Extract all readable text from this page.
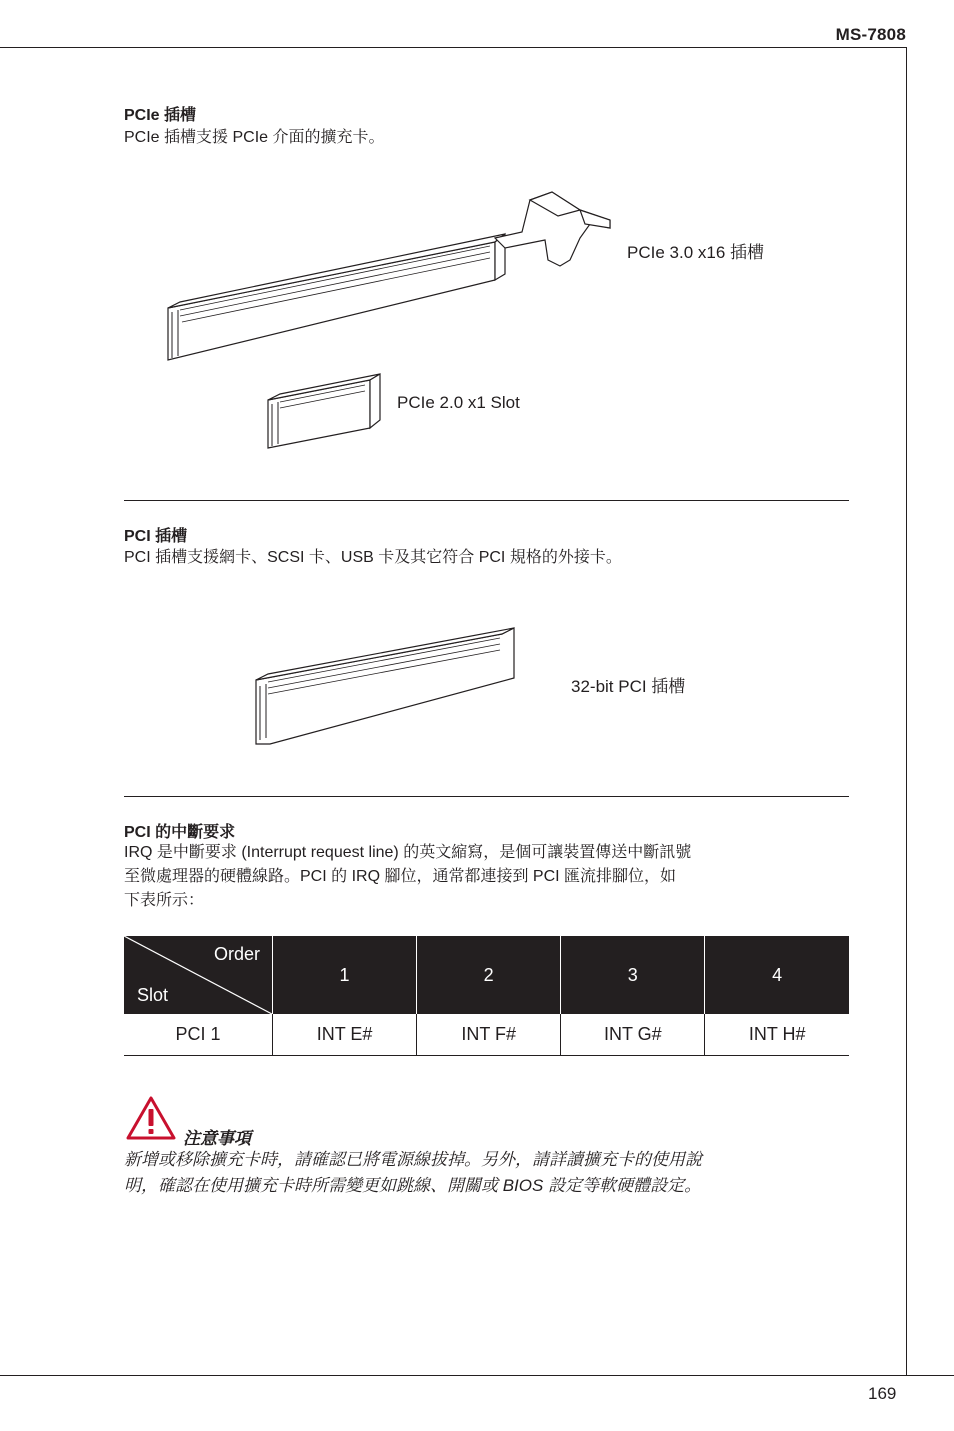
MS-7808
169
PCIe 插槽
PCIe 插槽支援 PCIe 介面的擴充卡。
PCIe 3.0 x16 插槽
PCIe 2.0 x1 Slot
PCI 插槽
PCI 插槽支援網卡、SCSI 卡、USB 卡及其它符合 PCI 規格的外接卡。
32-bit PCI 插槽
PCI 的中斷要求
IRQ 是中斷要求 (Interrupt request line) 的英文縮寫，是個可讓裝置傳送中斷訊號
至微處理器的硬體線路。PCI 的 IRQ 腳位，通常都連接到 PCI 匯流排腳位，如
下表所示：
Order
Slot	1	2	3	4
PCI 1	INT E#	INT F#	INT G#	INT H#
注意事項
新增或移除擴充卡時，請確認已將電源線拔掉。另外，請詳讀擴充卡的使用說
明，確認在使用擴充卡時所需變更如跳線、開關或 BIOS 設定等軟硬體設定。
